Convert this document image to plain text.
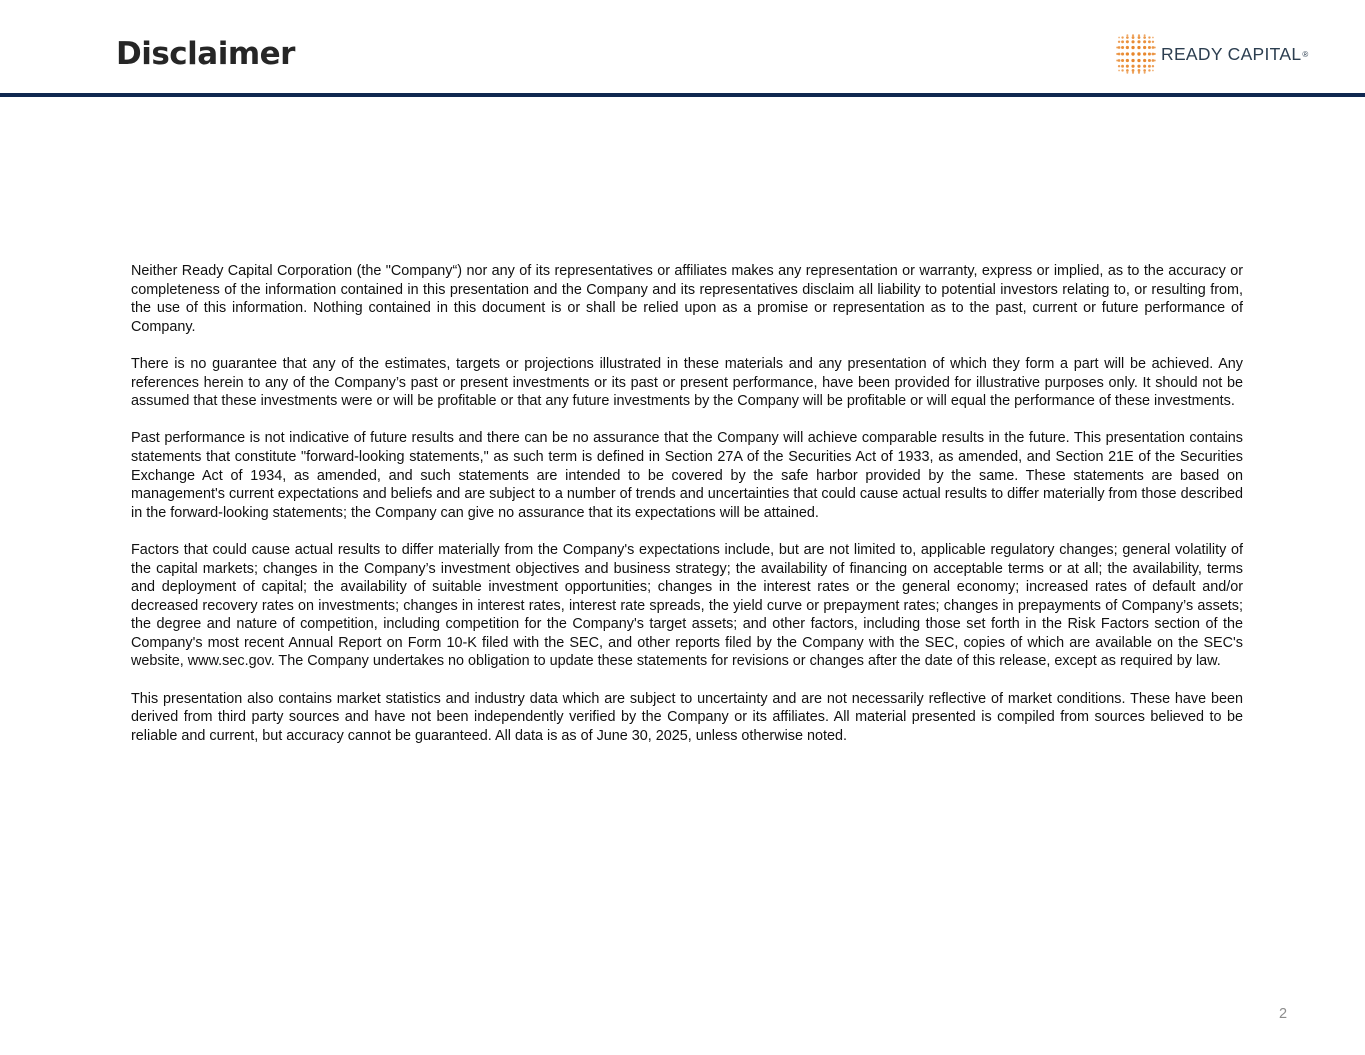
Disclaimer	READY CAPITAL ®

Neither Ready Capital Corporation (the "Company“) nor any of its representatives or affiliates makes any representation or warranty, express or implied, as to the accuracy or completeness of the information contained in this presentation and the Company and its representatives disclaim all liability to potential investors relating to, or resulting from, the use of this information. Nothing contained in this document is or shall be relied upon as a promise or representation as to the past, current or future performance of Company.

There is no guarantee that any of the estimates, targets or projections illustrated in these materials and any presentation of which they form a part will be achieved. Any references herein to any of the Company’s past or present investments or its past or present performance, have been provided for illustrative purposes only. It should not be assumed that these investments were or will be profitable or that any future investments by the Company will be profitable or will equal the performance of these investments.

Past performance is not indicative of future results and there can be no assurance that the Company will achieve comparable results in the future. This presentation contains statements that constitute "forward-looking statements," as such term is defined in Section 27A of the Securities Act of 1933, as amended, and Section 21E of the Securities Exchange Act of 1934, as amended, and such statements are intended to be covered by the safe harbor provided by the same. These statements are based on management's current expectations and beliefs and are subject to a number of trends and uncertainties that could cause actual results to differ materially from those described in the forward-looking statements; the Company can give no assurance that its expectations will be attained.

Factors that could cause actual results to differ materially from the Company's expectations include, but are not limited to, applicable regulatory changes; general volatility of the capital markets; changes in the Company’s investment objectives and business strategy; the availability of financing on acceptable terms or at all; the availability, terms and deployment of capital; the availability of suitable investment opportunities; changes in the interest rates or the general economy; increased rates of default and/or decreased recovery rates on investments; changes in interest rates, interest rate spreads, the yield curve or prepayment rates; changes in prepayments of Company’s assets; the degree and nature of competition, including competition for the Company's target assets; and other factors, including those set forth in the Risk Factors section of the Company's most recent Annual Report on Form 10-K filed with the SEC, and other reports filed by the Company with the SEC, copies of which are available on the SEC's website, www.sec.gov. The Company undertakes no obligation to update these statements for revisions or changes after the date of this release, except as required by law.

This presentation also contains market statistics and industry data which are subject to uncertainty and are not necessarily reflective of market conditions. These have been derived from third party sources and have not been independently verified by the Company or its affiliates. All material presented is compiled from sources believed to be reliable and current, but accuracy cannot be guaranteed. All data is as of June 30, 2025, unless otherwise noted.

2
